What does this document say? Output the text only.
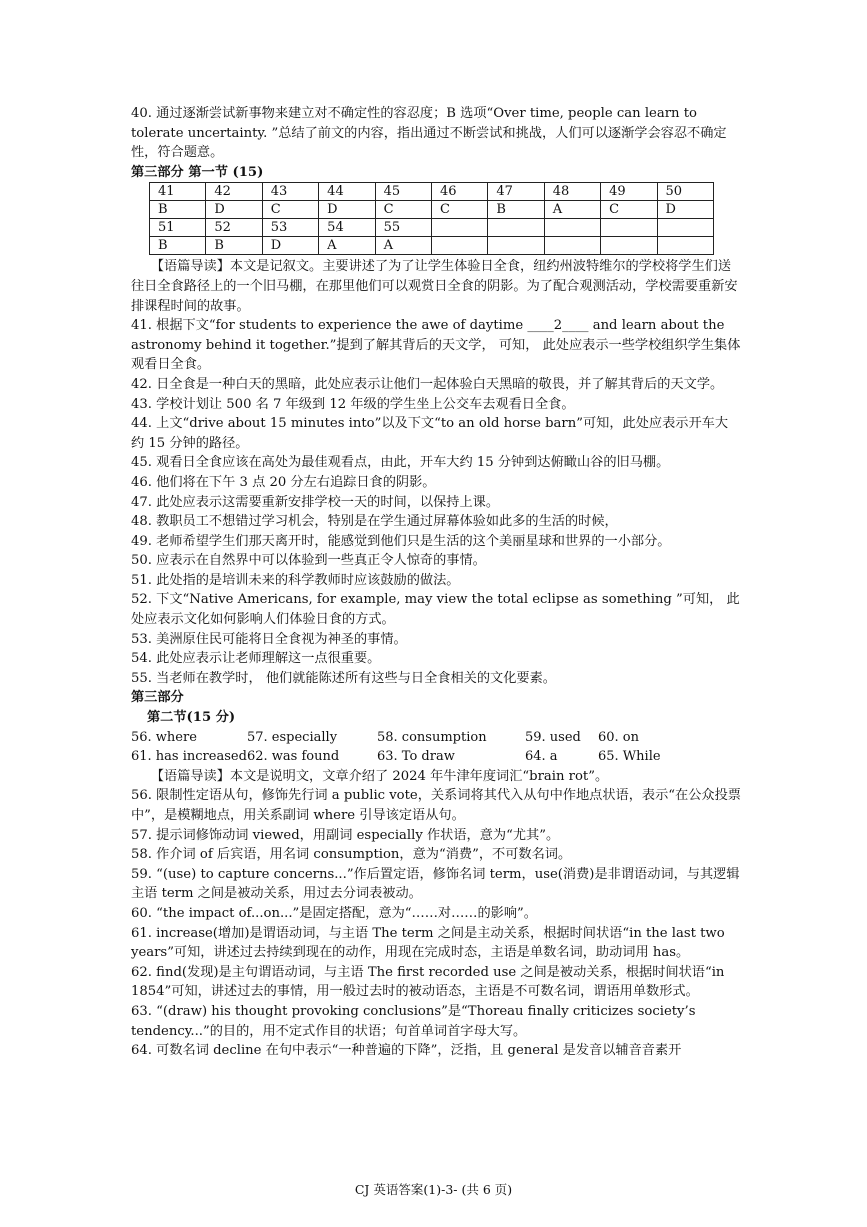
40. 通过逐渐尝试新事物来建立对不确定性的容忍度；B 选项“Over time, people can learn to tolerate uncertainty. ”总结了前文的内容，指出通过不断尝试和挑战，人们可以逐渐学会容忍不确定性，符合题意。

第三部分 第一节 (15)

41	42	43	44	45	46	47	48	49	50
B	D	C	D	C	C	B	A	C	D
51	52	53	54	55					
B	B	D	A	A					

【语篇导读】本文是记叙文。主要讲述了为了让学生体验日全食，纽约州波特维尔的学校将学生们送往日全食路径上的一个旧马棚，在那里他们可以观赏日全食的阴影。为了配合观测活动，学校需要重新安排课程时间的故事。

41. 根据下文“for students to experience the awe of daytime ____2____ and learn about the astronomy behind it together.”提到了解其背后的天文学， 可知， 此处应表示一些学校组织学生集体观看日全食。

42. 日全食是一种白天的黑暗，此处应表示让他们一起体验白天黑暗的敬畏，并了解其背后的天文学。

43. 学校计划让 500 名 7 年级到 12 年级的学生坐上公交车去观看日全食。

44. 上文“drive about 15 minutes into”以及下文“to an old horse barn”可知，此处应表示开车大约 15 分钟的路径。

45. 观看日全食应该在高处为最佳观看点，由此，开车大约 15 分钟到达俯瞰山谷的旧马棚。

46. 他们将在下午 3 点 20 分左右追踪日食的阴影。

47. 此处应表示这需要重新安排学校一天的时间，以保持上课。

48. 教职员工不想错过学习机会，特别是在学生通过屏幕体验如此多的生活的时候，

49. 老师希望学生们那天离开时，能感觉到他们只是生活的这个美丽星球和世界的一小部分。

50. 应表示在自然界中可以体验到一些真正令人惊奇的事情。

51. 此处指的是培训未来的科学教师时应该鼓励的做法。

52. 下文“Native Americans, for example, may view the total eclipse as something ”可知， 此处应表示文化如何影响人们体验日食的方式。

53. 美洲原住民可能将日全食视为神圣的事情。

54. 此处应表示让老师理解这一点很重要。

55. 当老师在教学时， 他们就能陈述所有这些与日全食相关的文化要素。

第三部分

第二节(15 分)

56. where	57. especially	58. consumption	59. used	60. on
61. has increased 62. was found	63. To draw	64. a	65. While

【语篇导读】本文是说明文，文章介绍了 2024 年牛津年度词汇“brain rot”。

56. 限制性定语从句，修饰先行词 a public vote，关系词将其代入从句中作地点状语，表示“在公众投票中”，是模糊地点，用关系副词 where 引导该定语从句。

57. 提示词修饰动词 viewed，用副词 especially 作状语，意为“尤其”。

58. 作介词 of 后宾语，用名词 consumption，意为“消费”，不可数名词。

59. “(use) to capture concerns...”作后置定语，修饰名词 term，use(消费)是非谓语动词，与其逻辑主语 term 之间是被动关系，用过去分词表被动。

60. “the impact of...on...”是固定搭配，意为“……对……的影响”。

61. increase(增加)是谓语动词，与主语 The term 之间是主动关系，根据时间状语“in the last two years”可知，讲述过去持续到现在的动作，用现在完成时态，主语是单数名词，助动词用 has。

62. find(发现)是主句谓语动词，与主语 The first recorded use 之间是被动关系，根据时间状语“in 1854”可知，讲述过去的事情，用一般过去时的被动语态，主语是不可数名词，谓语用单数形式。

63. “(draw) his thought provoking conclusions”是“Thoreau finally criticizes society’s tendency...”的目的，用不定式作目的状语；句首单词首字母大写。

64. 可数名词 decline 在句中表示“一种普遍的下降”，泛指，且 general 是发音以辅音音素开

CJ 英语答案(1)-3- (共 6 页)
